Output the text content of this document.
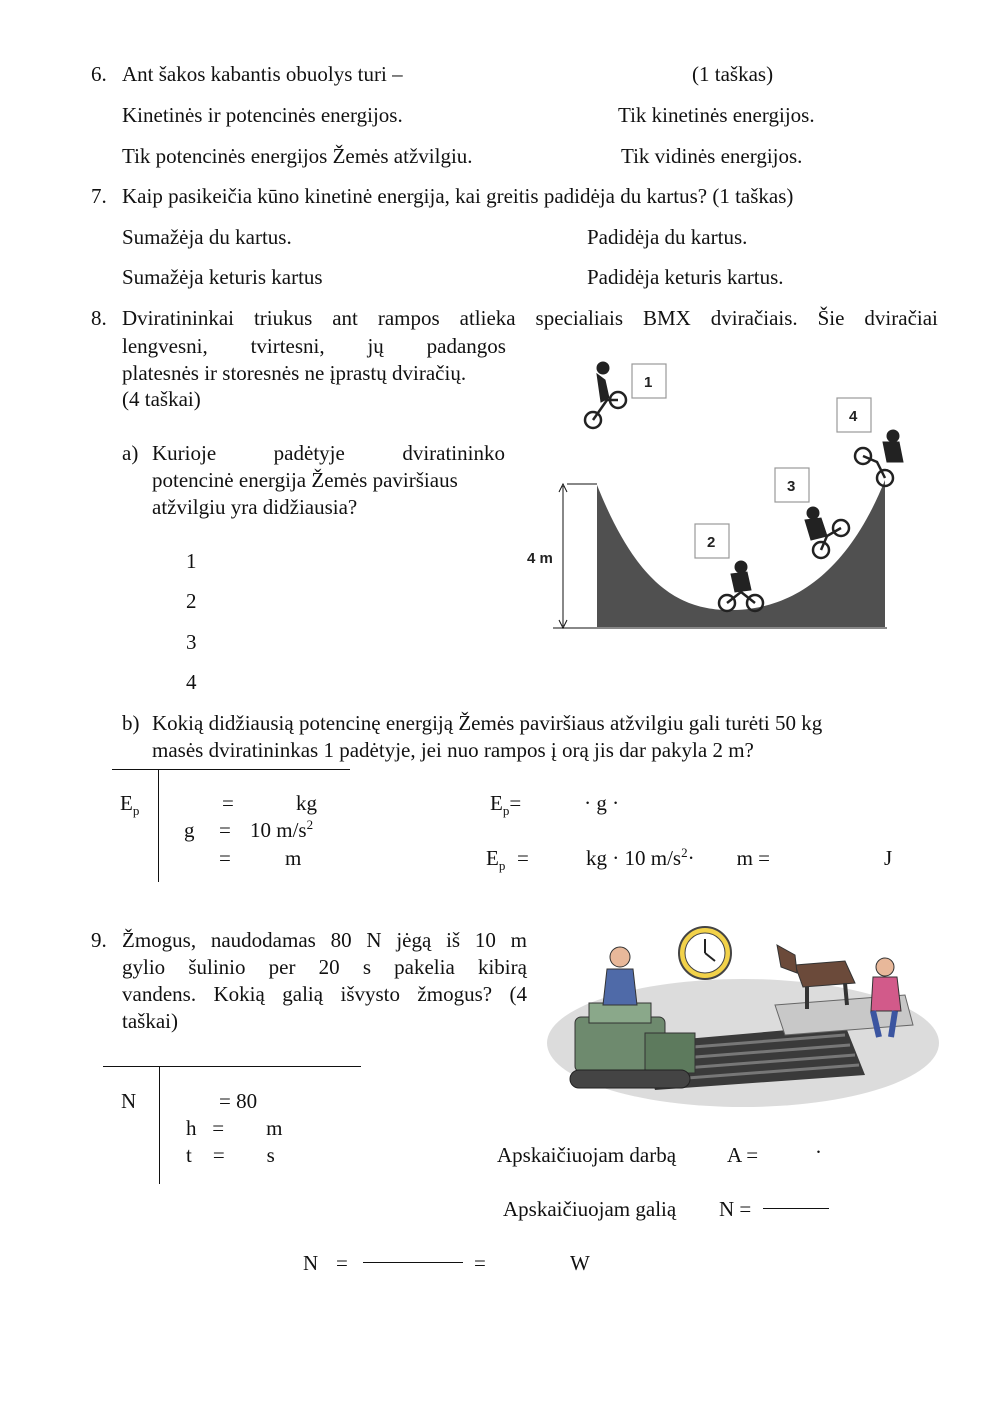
6. Ant šakos kabantis obuolys turi –	(1 taškas)
Kinetinės ir potencinės energijos.	Tik kinetinės energijos.
Tik potencinės energijos Žemės atžvilgiu.	Tik vidinės energijos.
7. Kaip pasikeičia kūno kinetinė energija, kai greitis padidėja du kartus? (1 taškas)
Sumažėja du kartus.	Padidėja du kartus.
Sumažėja keturis kartus	Padidėja keturis kartus.
8. Dviratininkai triukus ant rampos atlieka specialiais BMX dviračiais. Šie dviračiai
lengvesni, tvirtesni, jų padangos
platesnės ir storesnės ne įprastų dviračių.
(4 taškai)
a) Kurioje	padėtyje	dviratininko
potencinė energija Žemės paviršiaus
atžvilgiu yra didžiausia?
1
2
3
4
4 m
1
2
3
4
b) Kokią didžiausią potencinę energiją Žemės paviršiaus atžvilgiu gali turėti 50 kg
masės dviratininkas 1 padėtyje, jei nuo rampos į orą jis dar pakyla 2 m?
$E_p$	=	kg
g = 10 $m/s^2$
=	m
$E_p=$            · g ·
$E_p$ =	kg · 10 $m/s^2\cdot$        m =	J
9. Žmogus, naudodamas 80 N jėgą iš 10 m
gylio šulinio per 20 s pakelia kibirą
vandens. Kokią galią išvysto žmogus? (4
taškai)
N	= 80
h   =        m
t    =        s	Apskaičiuojam darbą A =	·
Apskaičiuojam galią N =
N =	=	W
